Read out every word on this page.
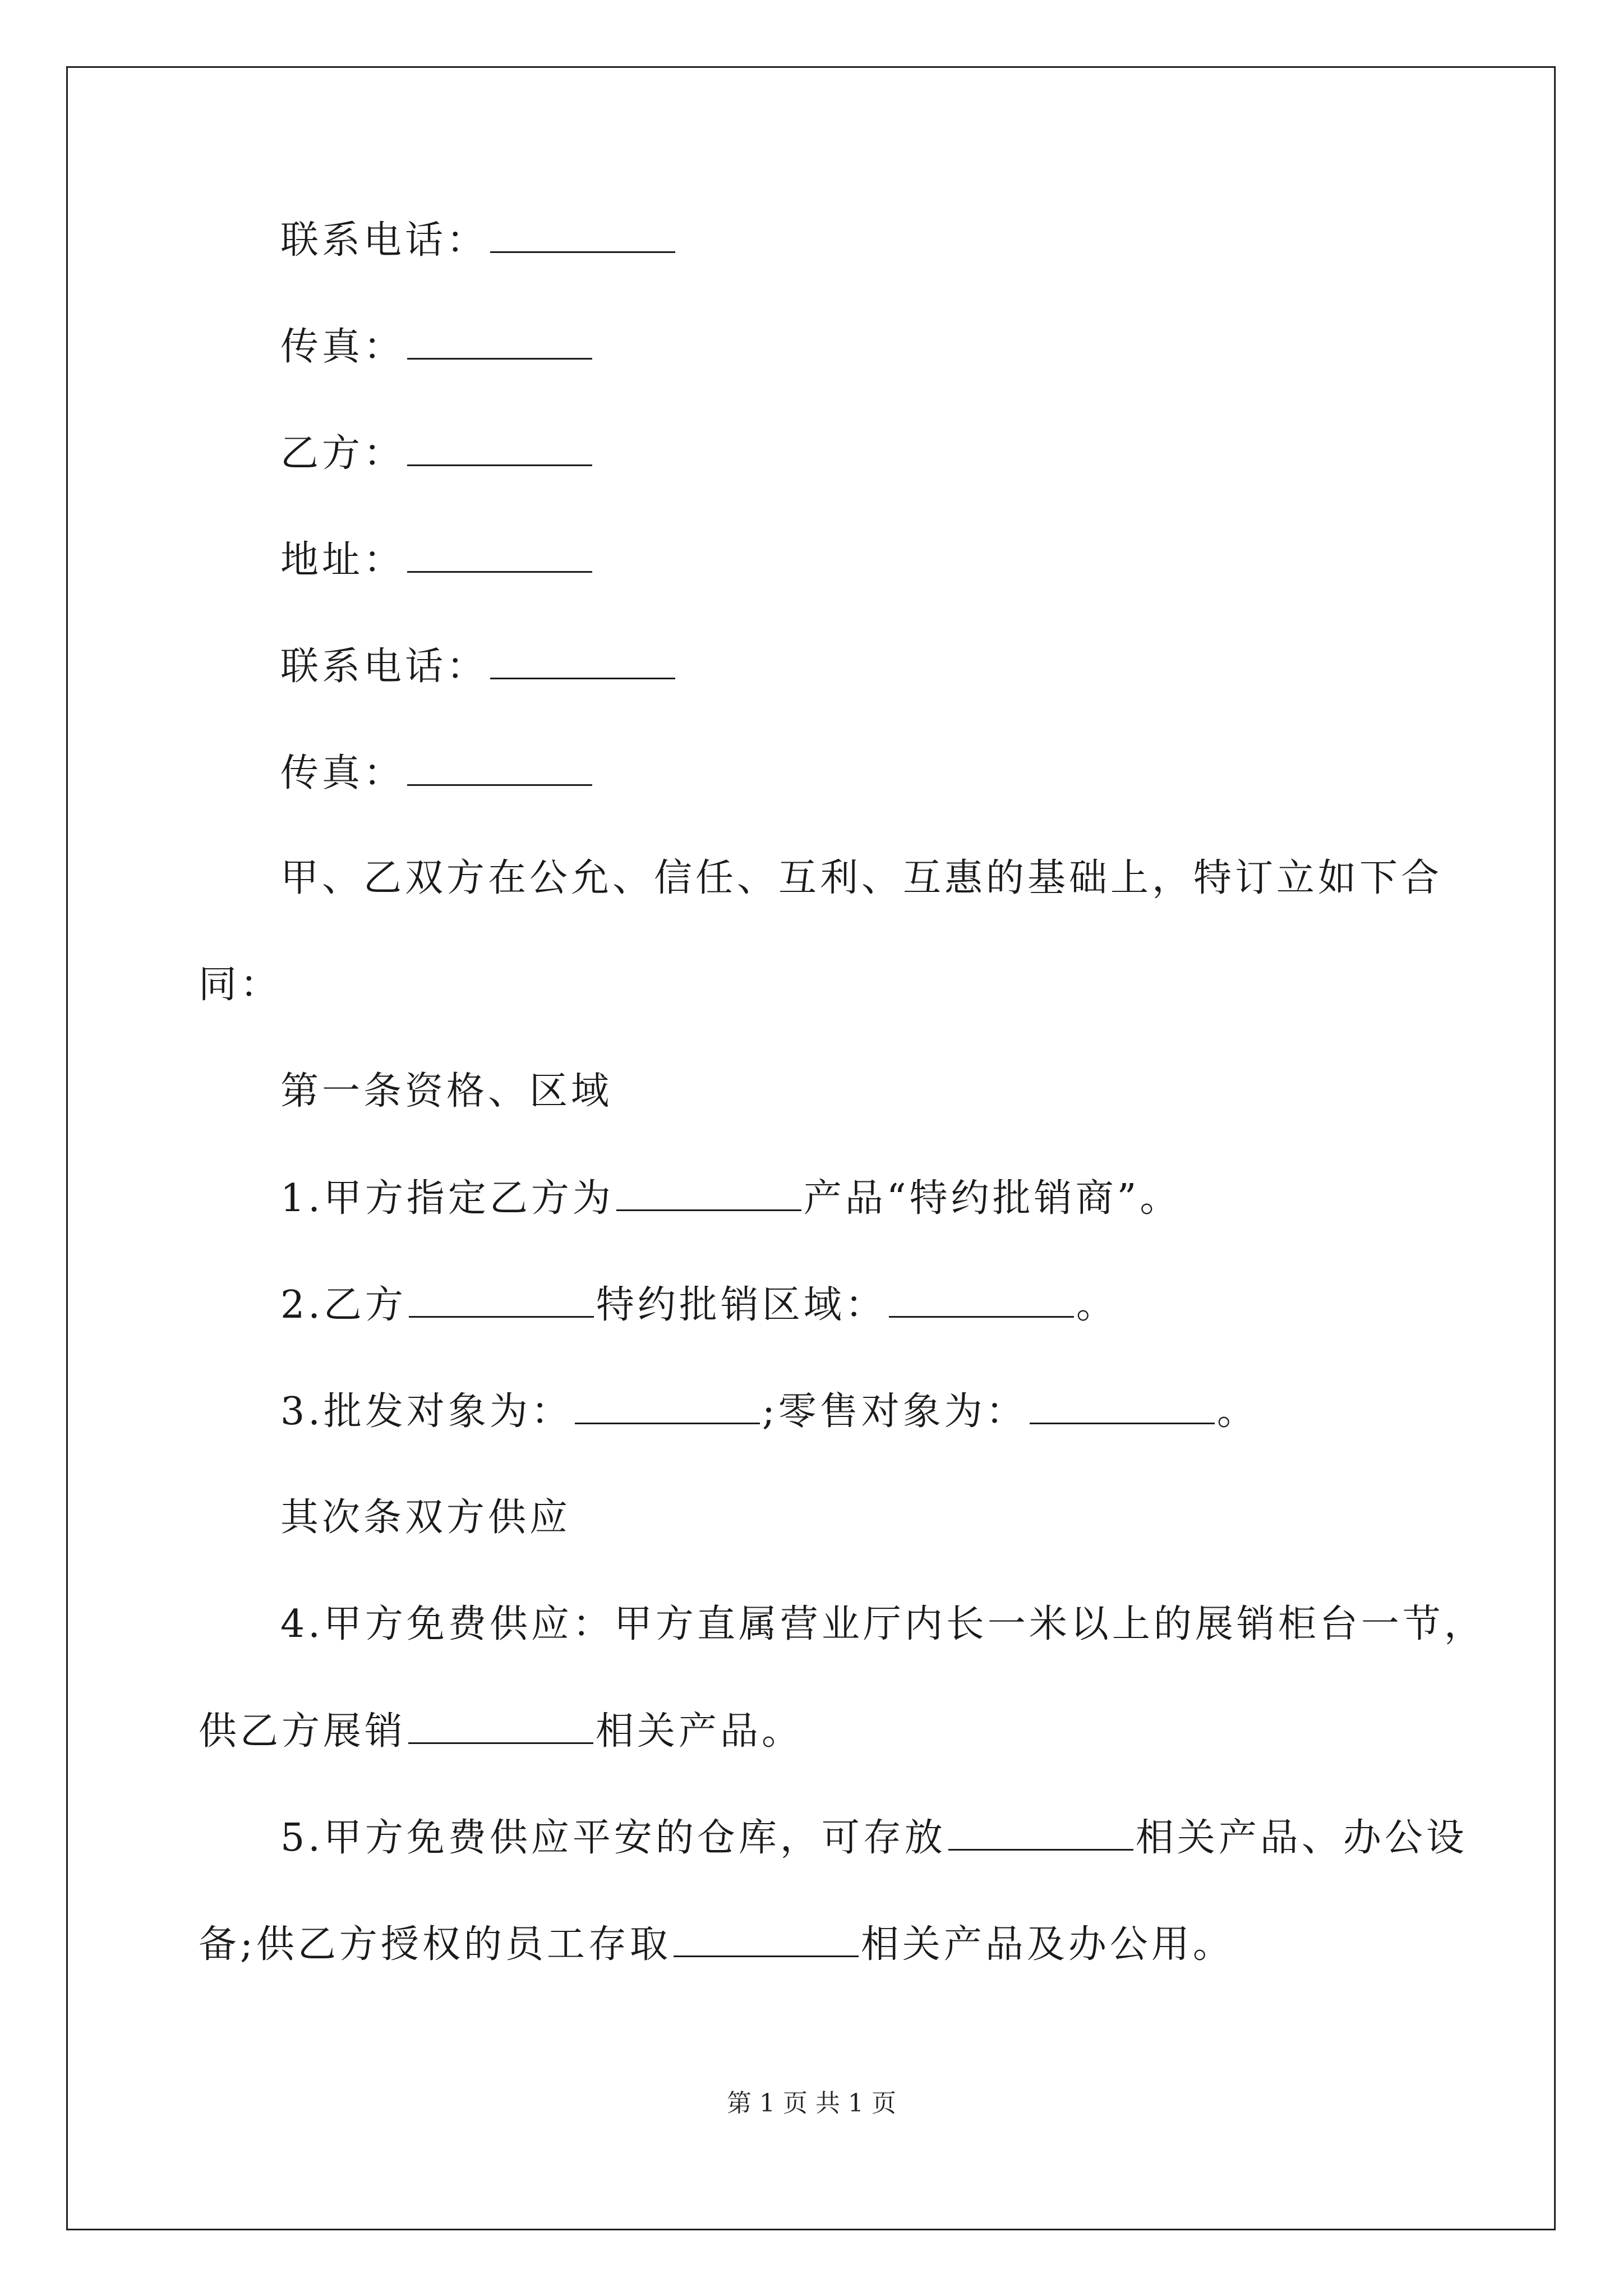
联系电话：
传真：
乙方：
地址：
联系电话：
传真：
甲、乙双方在公允、信任、互利、互惠的基础上，特订立如下合
同：
第一条资格、区域
1.甲方指定乙方为	产品“特约批销商”。
2.乙方	特约批销区域：	。
3.批发对象为：	;零售对象为：	。
其次条双方供应
4.甲方免费供应：甲方直属营业厅内长一米以上的展销柜台一节，
供乙方展销	相关产品。
5.甲方免费供应平安的仓库，可存放	相关产品、办公设
备;供乙方授权的员工存取	相关产品及办公用。
第 1 页 共 1 页
